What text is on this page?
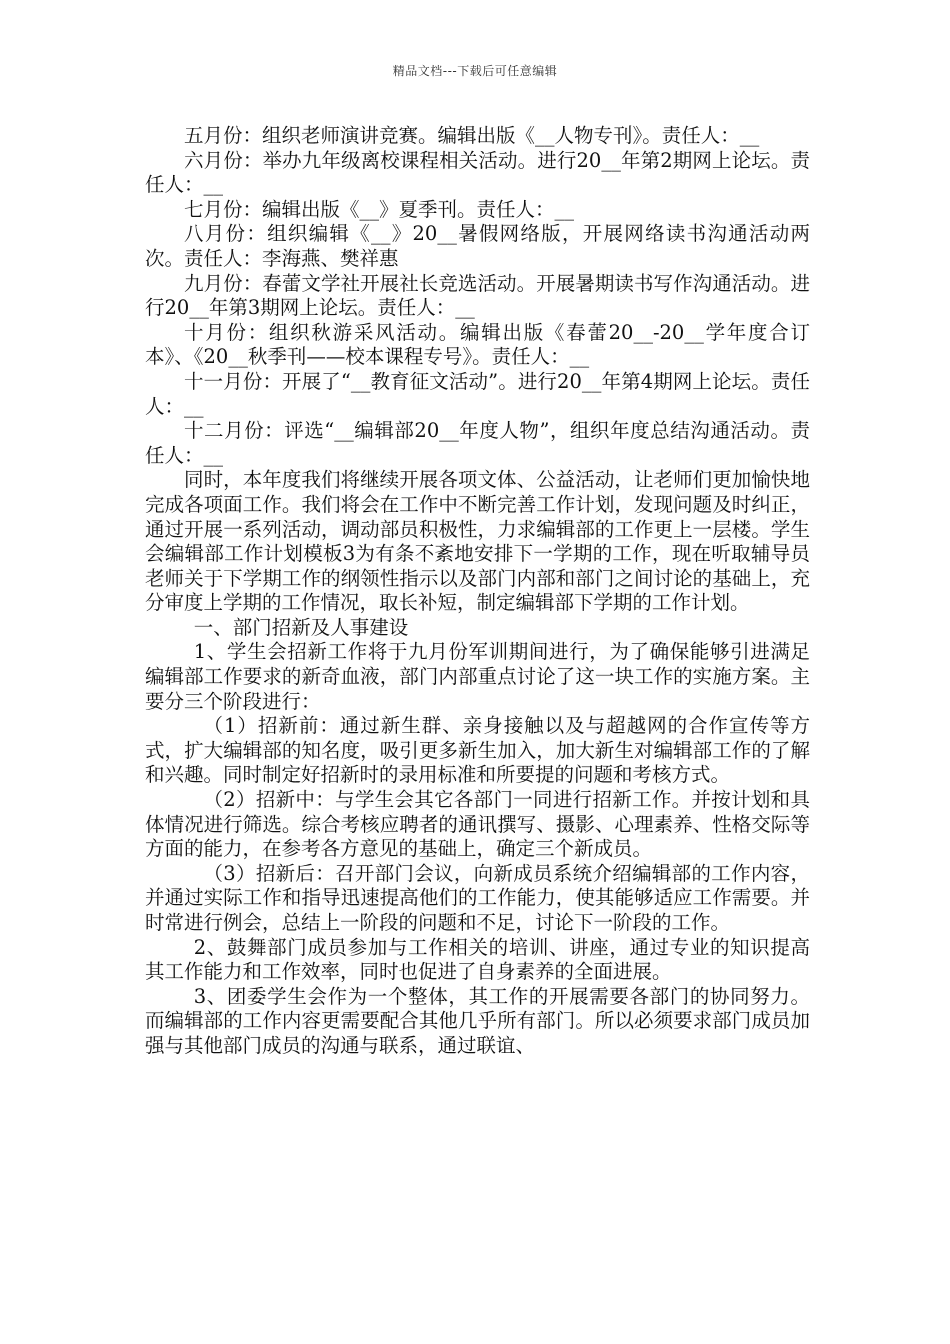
精品文档---下载后可任意编辑

五月份：组织老师演讲竞赛。编辑出版《__人物专刊》。责任人：__

六月份：举办九年级离校课程相关活动。进行20__年第2期网上论坛。责任人：__

七月份：编辑出版《__》夏季刊。责任人：__

八月份：组织编辑《__》20__暑假网络版，开展网络读书沟通活动两次。责任人：李海燕、樊祥惠

九月份：春蕾文学社开展社长竞选活动。开展暑期读书写作沟通活动。进行20__年第3期网上论坛。责任人：__

十月份：组织秋游采风活动。编辑出版《春蕾20__-20__学年度合订本》、《20__秋季刊——校本课程专号》。责任人：__

十一月份：开展了“__教育征文活动”。进行20__年第4期网上论坛。责任人：__

十二月份：评选“__编辑部20__年度人物”，组织年度总结沟通活动。责任人：__

同时，本年度我们将继续开展各项文体、公益活动，让老师们更加愉快地完成各项面工作。我们将会在工作中不断完善工作计划，发现问题及时纠正，通过开展一系列活动，调动部员积极性，力求编辑部的工作更上一层楼。学生会编辑部工作计划模板3为有条不紊地安排下一学期的工作，现在听取辅导员老师关于下学期工作的纲领性指示以及部门内部和部门之间讨论的基础上，充分审度上学期的工作情况，取长补短，制定编辑部下学期的工作计划。

一、部门招新及人事建设

1、学生会招新工作将于九月份军训期间进行，为了确保能够引进满足编辑部工作要求的新奇血液，部门内部重点讨论了这一块工作的实施方案。主要分三个阶段进行：

（1）招新前：通过新生群、亲身接触以及与超越网的合作宣传等方式，扩大编辑部的知名度，吸引更多新生加入，加大新生对编辑部工作的了解和兴趣。同时制定好招新时的录用标准和所要提的问题和考核方式。

（2）招新中：与学生会其它各部门一同进行招新工作。并按计划和具体情况进行筛选。综合考核应聘者的通讯撰写、摄影、心理素养、性格交际等方面的能力，在参考各方意见的基础上，确定三个新成员。

（3）招新后：召开部门会议，向新成员系统介绍编辑部的工作内容，并通过实际工作和指导迅速提高他们的工作能力，使其能够适应工作需要。并时常进行例会，总结上一阶段的问题和不足，讨论下一阶段的工作。

2、鼓舞部门成员参加与工作相关的培训、讲座，通过专业的知识提高其工作能力和工作效率，同时也促进了自身素养的全面进展。

3、团委学生会作为一个整体，其工作的开展需要各部门的协同努力。而编辑部的工作内容更需要配合其他几乎所有部门。所以必须要求部门成员加强与其他部门成员的沟通与联系，通过联谊、
